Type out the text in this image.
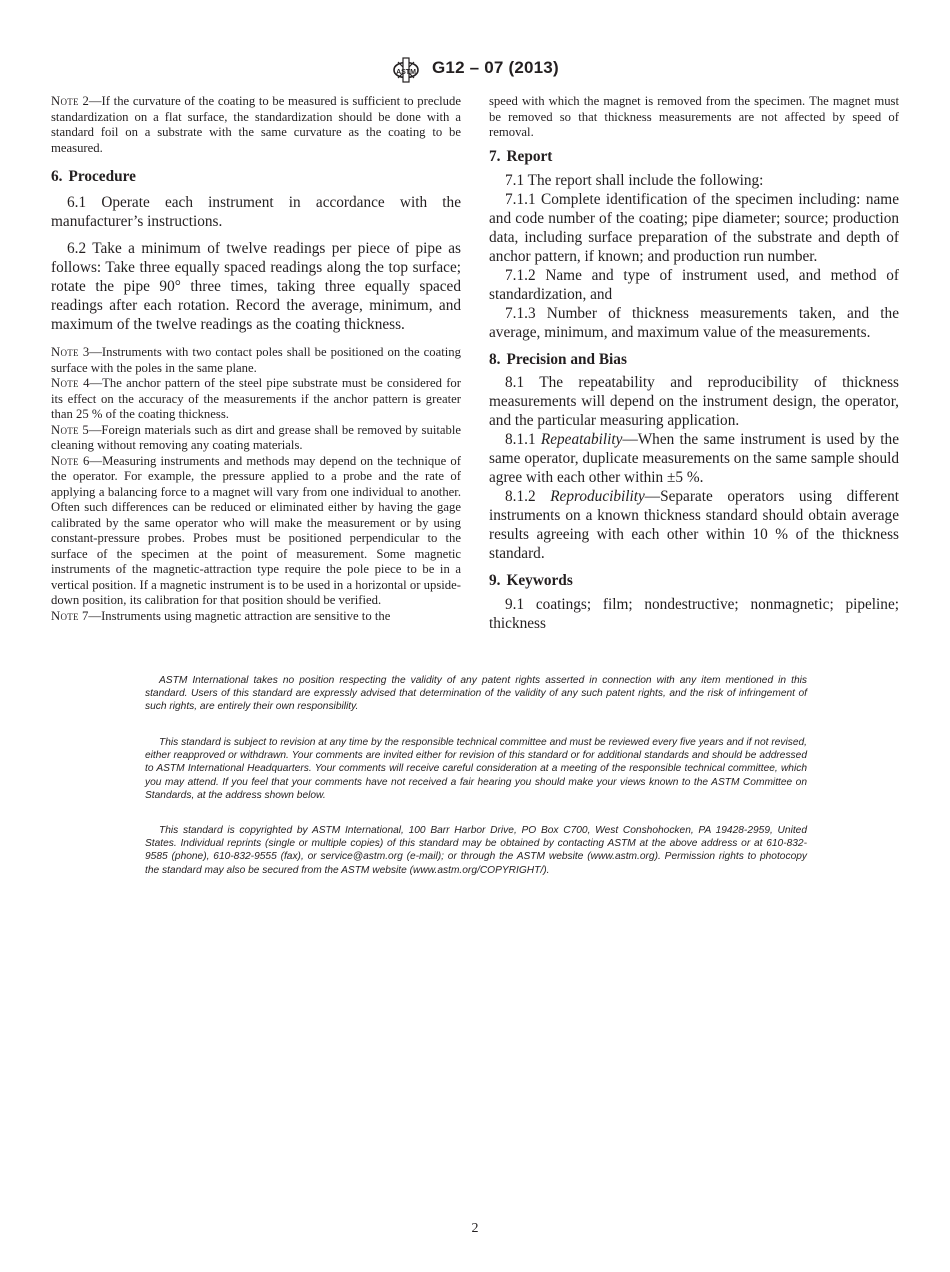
ASTM G12 – 07 (2013)

Note 2—If the curvature of the coating to be measured is sufficient to preclude standardization on a flat surface, the standardization should be done with a standard foil on a substrate with the same curvature as the coating to be measured.

6. Procedure

6.1 Operate each instrument in accordance with the manufacturer’s instructions.

6.2 Take a minimum of twelve readings per piece of pipe as follows: Take three equally spaced readings along the top surface; rotate the pipe 90° three times, taking three equally spaced readings after each rotation. Record the average, minimum, and maximum of the twelve readings as the coating thickness.

Note 3—Instruments with two contact poles shall be positioned on the coating surface with the poles in the same plane.

Note 4—The anchor pattern of the steel pipe substrate must be considered for its effect on the accuracy of the measurements if the anchor pattern is greater than 25 % of the coating thickness.

Note 5—Foreign materials such as dirt and grease shall be removed by suitable cleaning without removing any coating materials.

Note 6—Measuring instruments and methods may depend on the technique of the operator. For example, the pressure applied to a probe and the rate of applying a balancing force to a magnet will vary from one individual to another. Often such differences can be reduced or eliminated either by having the gage calibrated by the same operator who will make the measurement or by using constant-pressure probes. Probes must be positioned perpendicular to the surface of the specimen at the point of measurement. Some magnetic instruments of the magnetic-attraction type require the pole piece to be in a vertical position. If a magnetic instrument is to be used in a horizontal or upside-down position, its calibration for that position should be verified.

Note 7—Instruments using magnetic attraction are sensitive to the

speed with which the magnet is removed from the specimen. The magnet must be removed so that thickness measurements are not affected by speed of removal.

7. Report

7.1 The report shall include the following:

7.1.1 Complete identification of the specimen including: name and code number of the coating; pipe diameter; source; production data, including surface preparation of the substrate and depth of anchor pattern, if known; and production run number.

7.1.2 Name and type of instrument used, and method of standardization, and

7.1.3 Number of thickness measurements taken, and the average, minimum, and maximum value of the measurements.

8. Precision and Bias

8.1 The repeatability and reproducibility of thickness measurements will depend on the instrument design, the operator, and the particular measuring application.

8.1.1 Repeatability—When the same instrument is used by the same operator, duplicate measurements on the same sample should agree with each other within ±5 %.

8.1.2 Reproducibility—Separate operators using different instruments on a known thickness standard should obtain average results agreeing with each other within 10 % of the thickness standard.

9. Keywords

9.1 coatings; film; nondestructive; nonmagnetic; pipeline; thickness

ASTM International takes no position respecting the validity of any patent rights asserted in connection with any item mentioned in this standard. Users of this standard are expressly advised that determination of the validity of any such patent rights, and the risk of infringement of such rights, are entirely their own responsibility.

This standard is subject to revision at any time by the responsible technical committee and must be reviewed every five years and if not revised, either reapproved or withdrawn. Your comments are invited either for revision of this standard or for additional standards and should be addressed to ASTM International Headquarters. Your comments will receive careful consideration at a meeting of the responsible technical committee, which you may attend. If you feel that your comments have not received a fair hearing you should make your views known to the ASTM Committee on Standards, at the address shown below.

This standard is copyrighted by ASTM International, 100 Barr Harbor Drive, PO Box C700, West Conshohocken, PA 19428-2959, United States. Individual reprints (single or multiple copies) of this standard may be obtained by contacting ASTM at the above address or at 610-832-9585 (phone), 610-832-9555 (fax), or service@astm.org (e-mail); or through the ASTM website (www.astm.org). Permission rights to photocopy the standard may also be secured from the ASTM website (www.astm.org/COPYRIGHT/).

2
